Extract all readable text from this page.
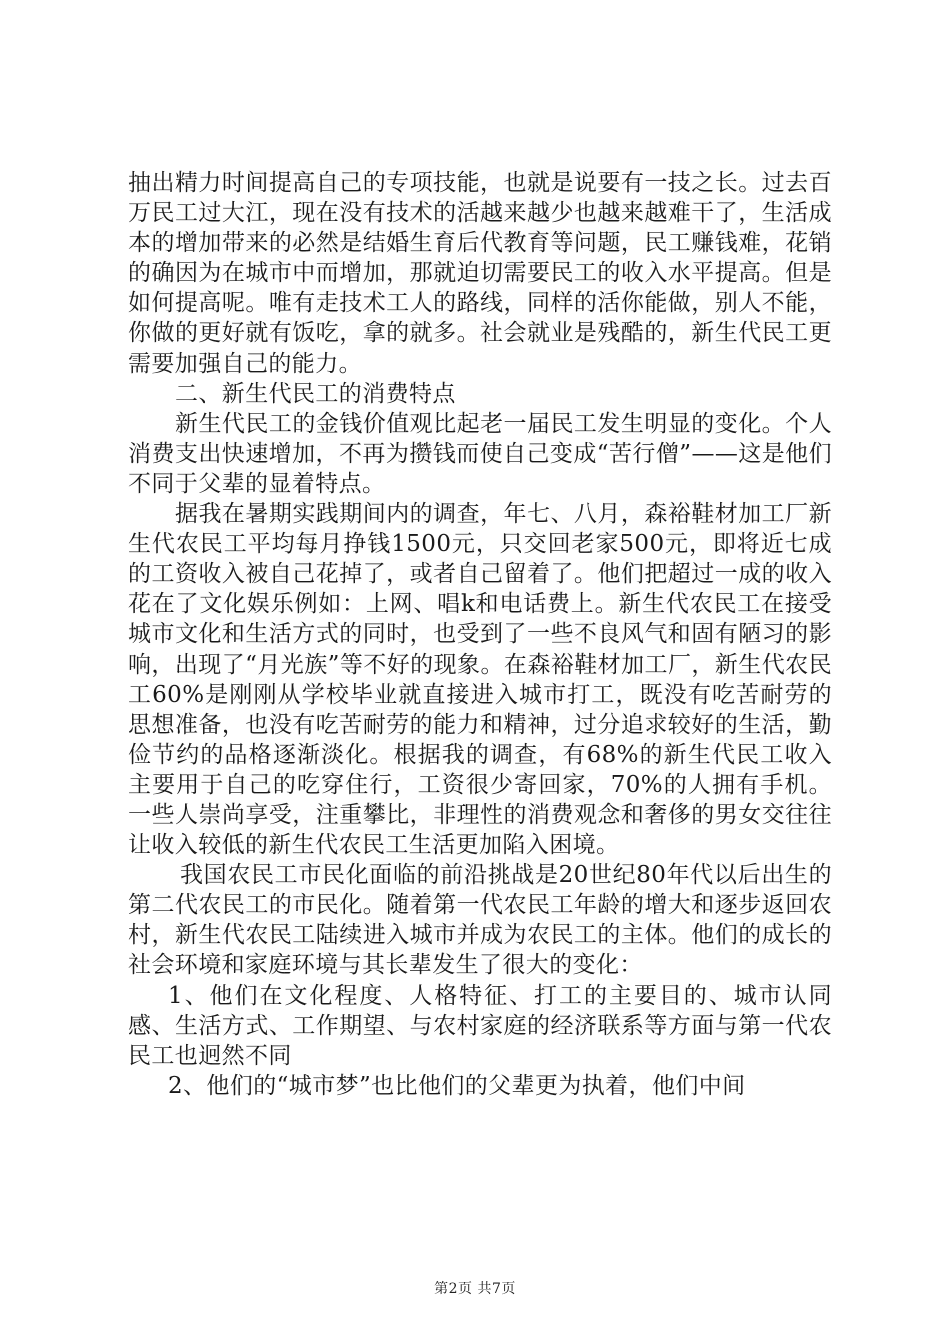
抽出精力时间提高自己的专项技能，也就是说要有一技之长。过去百万民工过大江，现在没有技术的活越来越少也越来越难干了，生活成本的增加带来的必然是结婚生育后代教育等问题，民工赚钱难，花销的确因为在城市中而增加，那就迫切需要民工的收入水平提高。但是如何提高呢。唯有走技术工人的路线，同样的活你能做，别人不能，你做的更好就有饭吃，拿的就多。社会就业是残酷的，新生代民工更需要加强自己的能力。

二、新生代民工的消费特点

新生代民工的金钱价值观比起老一届民工发生明显的变化。个人消费支出快速增加，不再为攒钱而使自己变成“苦行僧”——这是他们不同于父辈的显着特点。

据我在暑期实践期间内的调查，年七、八月，森裕鞋材加工厂新生代农民工平均每月挣钱1500元，只交回老家500元，即将近七成的工资收入被自己花掉了，或者自己留着了。他们把超过一成的收入花在了文化娱乐例如：上网、唱k和电话费上。新生代农民工在接受城市文化和生活方式的同时，也受到了一些不良风气和固有陋习的影响，出现了“月光族”等不好的现象。在森裕鞋材加工厂，新生代农民工60%是刚刚从学校毕业就直接进入城市打工，既没有吃苦耐劳的思想准备，也没有吃苦耐劳的能力和精神，过分追求较好的生活，勤俭节约的品格逐渐淡化。根据我的调查，有68%的新生代民工收入主要用于自己的吃穿住行，工资很少寄回家，70%的人拥有手机。一些人崇尚享受，注重攀比，非理性的消费观念和奢侈的男女交往往让收入较低的新生代农民工生活更加陷入困境。

我国农民工市民化面临的前沿挑战是20世纪80年代以后出生的第二代农民工的市民化。随着第一代农民工年龄的增大和逐步返回农村，新生代农民工陆续进入城市并成为农民工的主体。他们的成长的社会环境和家庭环境与其长辈发生了很大的变化：

1、他们在文化程度、人格特征、打工的主要目的、城市认同感、生活方式、工作期望、与农村家庭的经济联系等方面与第一代农民工也迥然不同

2、他们的“城市梦”也比他们的父辈更为执着，他们中间

第2页 共7页
